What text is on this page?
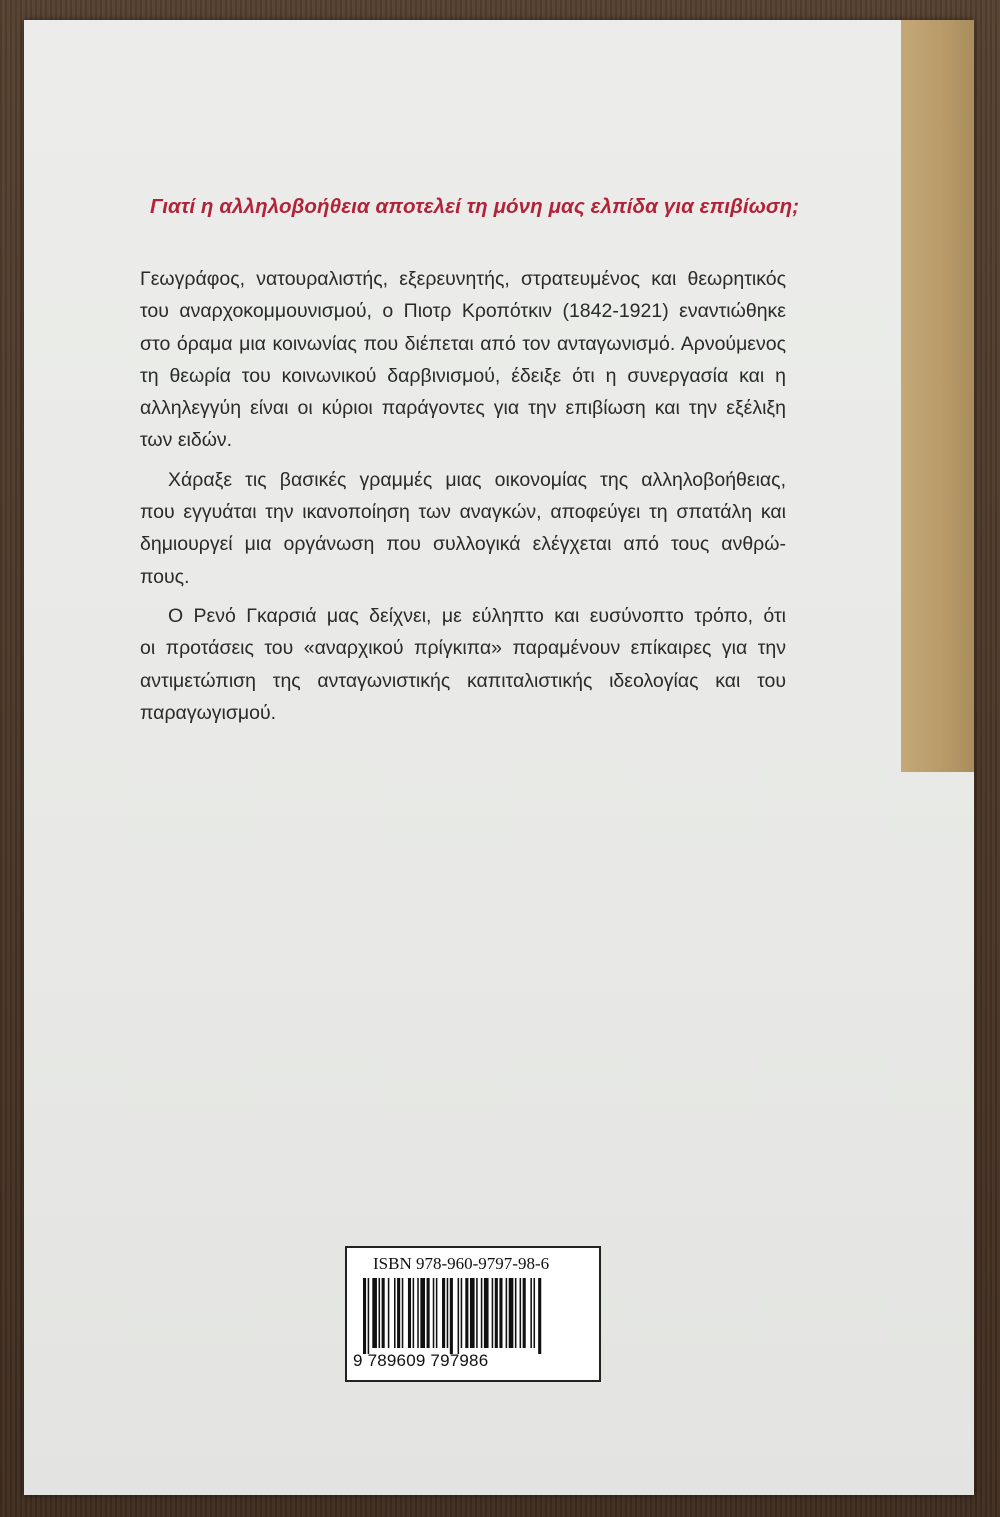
Γιατί η αλληλοβοήθεια αποτελεί τη μόνη μας ελπίδα για επιβίωση;
Γεωγράφος, νατουραλιστής, εξερευνητής, στρατευμένος και θεωρητικός
του αναρχοκομμουνισμού, ο Πιοτρ Κροπότκιν (1842-1921) εναντιώθηκε
στο όραμα μια κοινωνίας που διέπεται από τον ανταγωνισμό. Αρνούμενος
τη θεωρία του κοινωνικού δαρβινισμού, έδειξε ότι η συνεργασία και η
αλληλεγγύη είναι οι κύριοι παράγοντες για την επιβίωση και την εξέλιξη
των ειδών.
Χάραξε τις βασικές γραμμές μιας οικονομίας της αλληλοβοήθειας,
που εγγυάται την ικανοποίηση των αναγκών, αποφεύγει τη σπατάλη και
δημιουργεί μια οργάνωση που συλλογικά ελέγχεται από τους ανθρώ-
πους.
Ο Ρενό Γκαρσιά μας δείχνει, με εύληπτο και ευσύνοπτο τρόπο, ότι
οι προτάσεις του «αναρχικού πρίγκιπα» παραμένουν επίκαιρες για την
αντιμετώπιση της ανταγωνιστικής καπιταλιστικής ιδεολογίας και του
παραγωγισμού.
ISBN 978-960-9797-98-6
9 789609 797986
